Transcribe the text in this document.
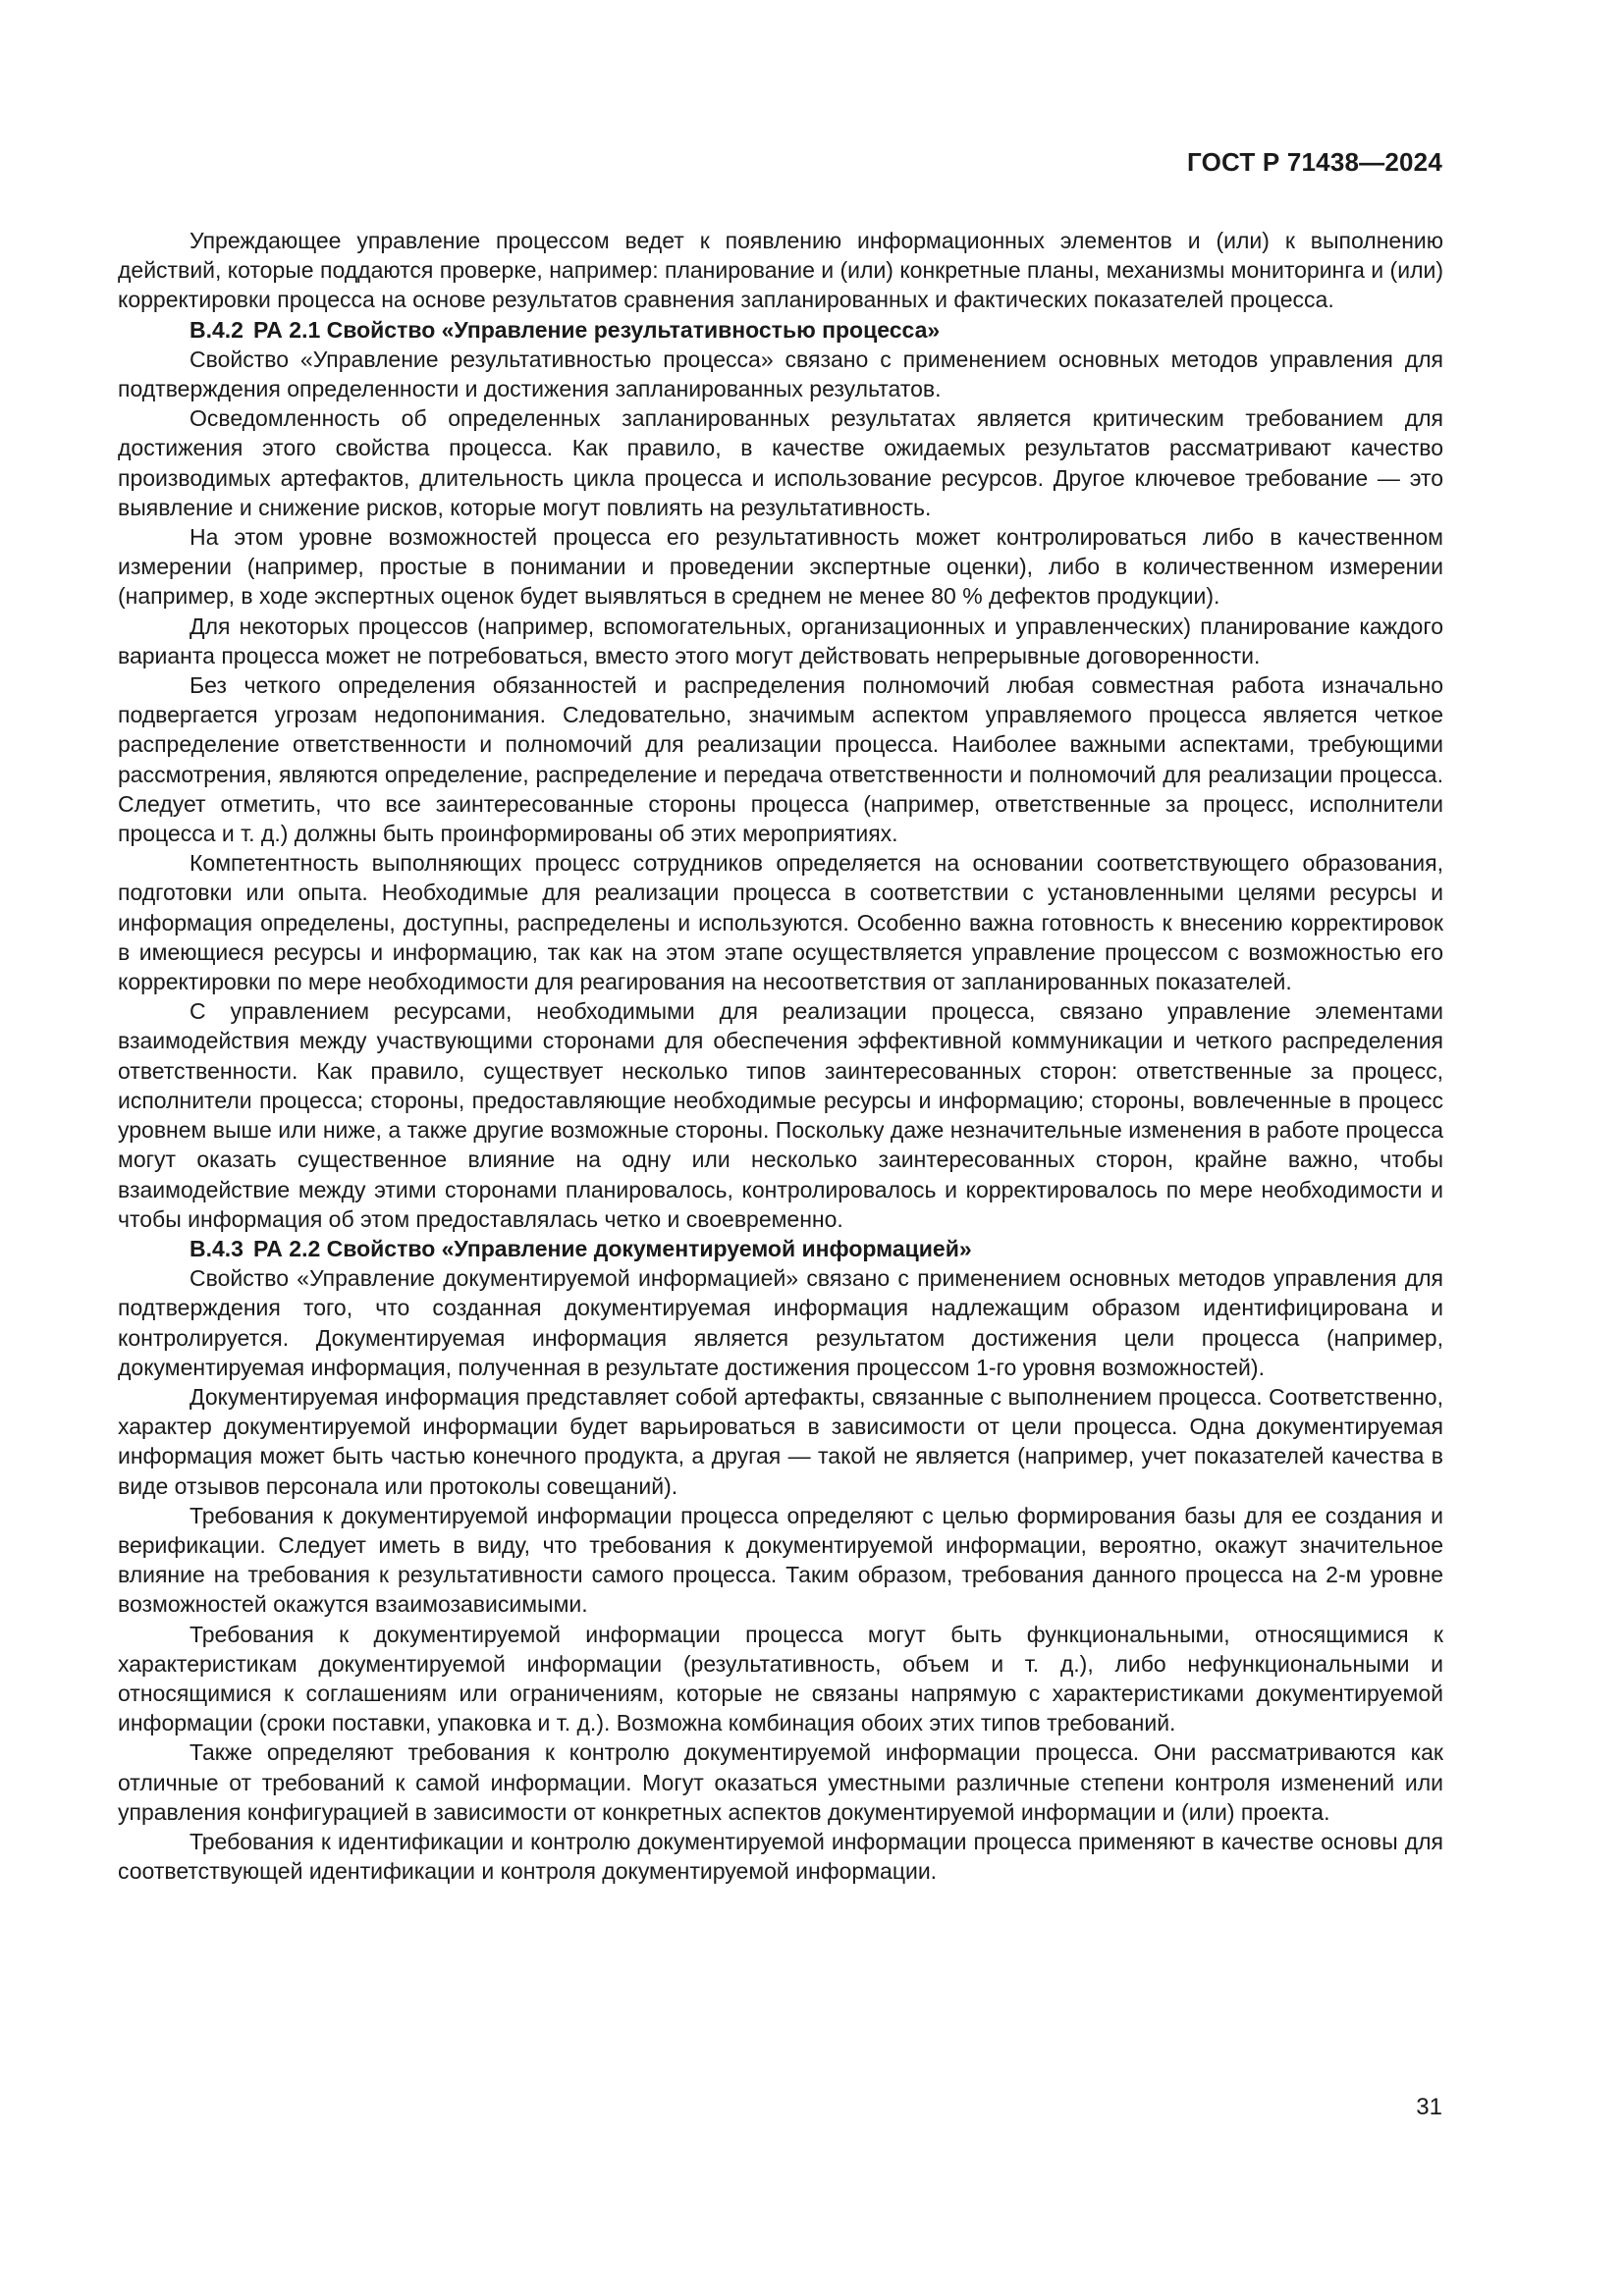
ГОСТ Р 71438—2024

Упреждающее управление процессом ведет к появлению информационных элементов и (или) к выполнению действий, которые поддаются проверке, например: планирование и (или) конкретные планы, механизмы мониторинга и (или) корректировки процесса на основе результатов сравнения запланированных и фактических показателей процесса.

В.4.2 РА 2.1 Свойство «Управление результативностью процесса»

Свойство «Управление результативностью процесса» связано с применением основных методов управления для подтверждения определенности и достижения запланированных результатов.

Осведомленность об определенных запланированных результатах является критическим требованием для достижения этого свойства процесса. Как правило, в качестве ожидаемых результатов рассматривают качество производимых артефактов, длительность цикла процесса и использование ресурсов. Другое ключевое требование — это выявление и снижение рисков, которые могут повлиять на результативность.

На этом уровне возможностей процесса его результативность может контролироваться либо в качественном измерении (например, простые в понимании и проведении экспертные оценки), либо в количественном измерении (например, в ходе экспертных оценок будет выявляться в среднем не менее 80 % дефектов продукции).

Для некоторых процессов (например, вспомогательных, организационных и управленческих) планирование каждого варианта процесса может не потребоваться, вместо этого могут действовать непрерывные договоренности.

Без четкого определения обязанностей и распределения полномочий любая совместная работа изначально подвергается угрозам недопонимания. Следовательно, значимым аспектом управляемого процесса является четкое распределение ответственности и полномочий для реализации процесса. Наиболее важными аспектами, требующими рассмотрения, являются определение, распределение и передача ответственности и полномочий для реализации процесса. Следует отметить, что все заинтересованные стороны процесса (например, ответственные за процесс, исполнители процесса и т. д.) должны быть проинформированы об этих мероприятиях.

Компетентность выполняющих процесс сотрудников определяется на основании соответствующего образования, подготовки или опыта. Необходимые для реализации процесса в соответствии с установленными целями ресурсы и информация определены, доступны, распределены и используются. Особенно важна готовность к внесению корректировок в имеющиеся ресурсы и информацию, так как на этом этапе осуществляется управление процессом с возможностью его корректировки по мере необходимости для реагирования на несоответствия от запланированных показателей.

С управлением ресурсами, необходимыми для реализации процесса, связано управление элементами взаимодействия между участвующими сторонами для обеспечения эффективной коммуникации и четкого распределения ответственности. Как правило, существует несколько типов заинтересованных сторон: ответственные за процесс, исполнители процесса; стороны, предоставляющие необходимые ресурсы и информацию; стороны, вовлеченные в процесс уровнем выше или ниже, а также другие возможные стороны. Поскольку даже незначительные изменения в работе процесса могут оказать существенное влияние на одну или несколько заинтересованных сторон, крайне важно, чтобы взаимодействие между этими сторонами планировалось, контролировалось и корректировалось по мере необходимости и чтобы информация об этом предоставлялась четко и своевременно.

В.4.3 РА 2.2 Свойство «Управление документируемой информацией»

Свойство «Управление документируемой информацией» связано с применением основных методов управления для подтверждения того, что созданная документируемая информация надлежащим образом идентифицирована и контролируется. Документируемая информация является результатом достижения цели процесса (например, документируемая информация, полученная в результате достижения процессом 1-го уровня возможностей).

Документируемая информация представляет собой артефакты, связанные с выполнением процесса. Соответственно, характер документируемой информации будет варьироваться в зависимости от цели процесса. Одна документируемая информация может быть частью конечного продукта, а другая — такой не является (например, учет показателей качества в виде отзывов персонала или протоколы совещаний).

Требования к документируемой информации процесса определяют с целью формирования базы для ее создания и верификации. Следует иметь в виду, что требования к документируемой информации, вероятно, окажут значительное влияние на требования к результативности самого процесса. Таким образом, требования данного процесса на 2-м уровне возможностей окажутся взаимозависимыми.

Требования к документируемой информации процесса могут быть функциональными, относящимися к характеристикам документируемой информации (результативность, объем и т. д.), либо нефункциональными и относящимися к соглашениям или ограничениям, которые не связаны напрямую с характеристиками документируемой информации (сроки поставки, упаковка и т. д.). Возможна комбинация обоих этих типов требований.

Также определяют требования к контролю документируемой информации процесса. Они рассматриваются как отличные от требований к самой информации. Могут оказаться уместными различные степени контроля изменений или управления конфигурацией в зависимости от конкретных аспектов документируемой информации и (или) проекта.

Требования к идентификации и контролю документируемой информации процесса применяют в качестве основы для соответствующей идентификации и контроля документируемой информации.

31
